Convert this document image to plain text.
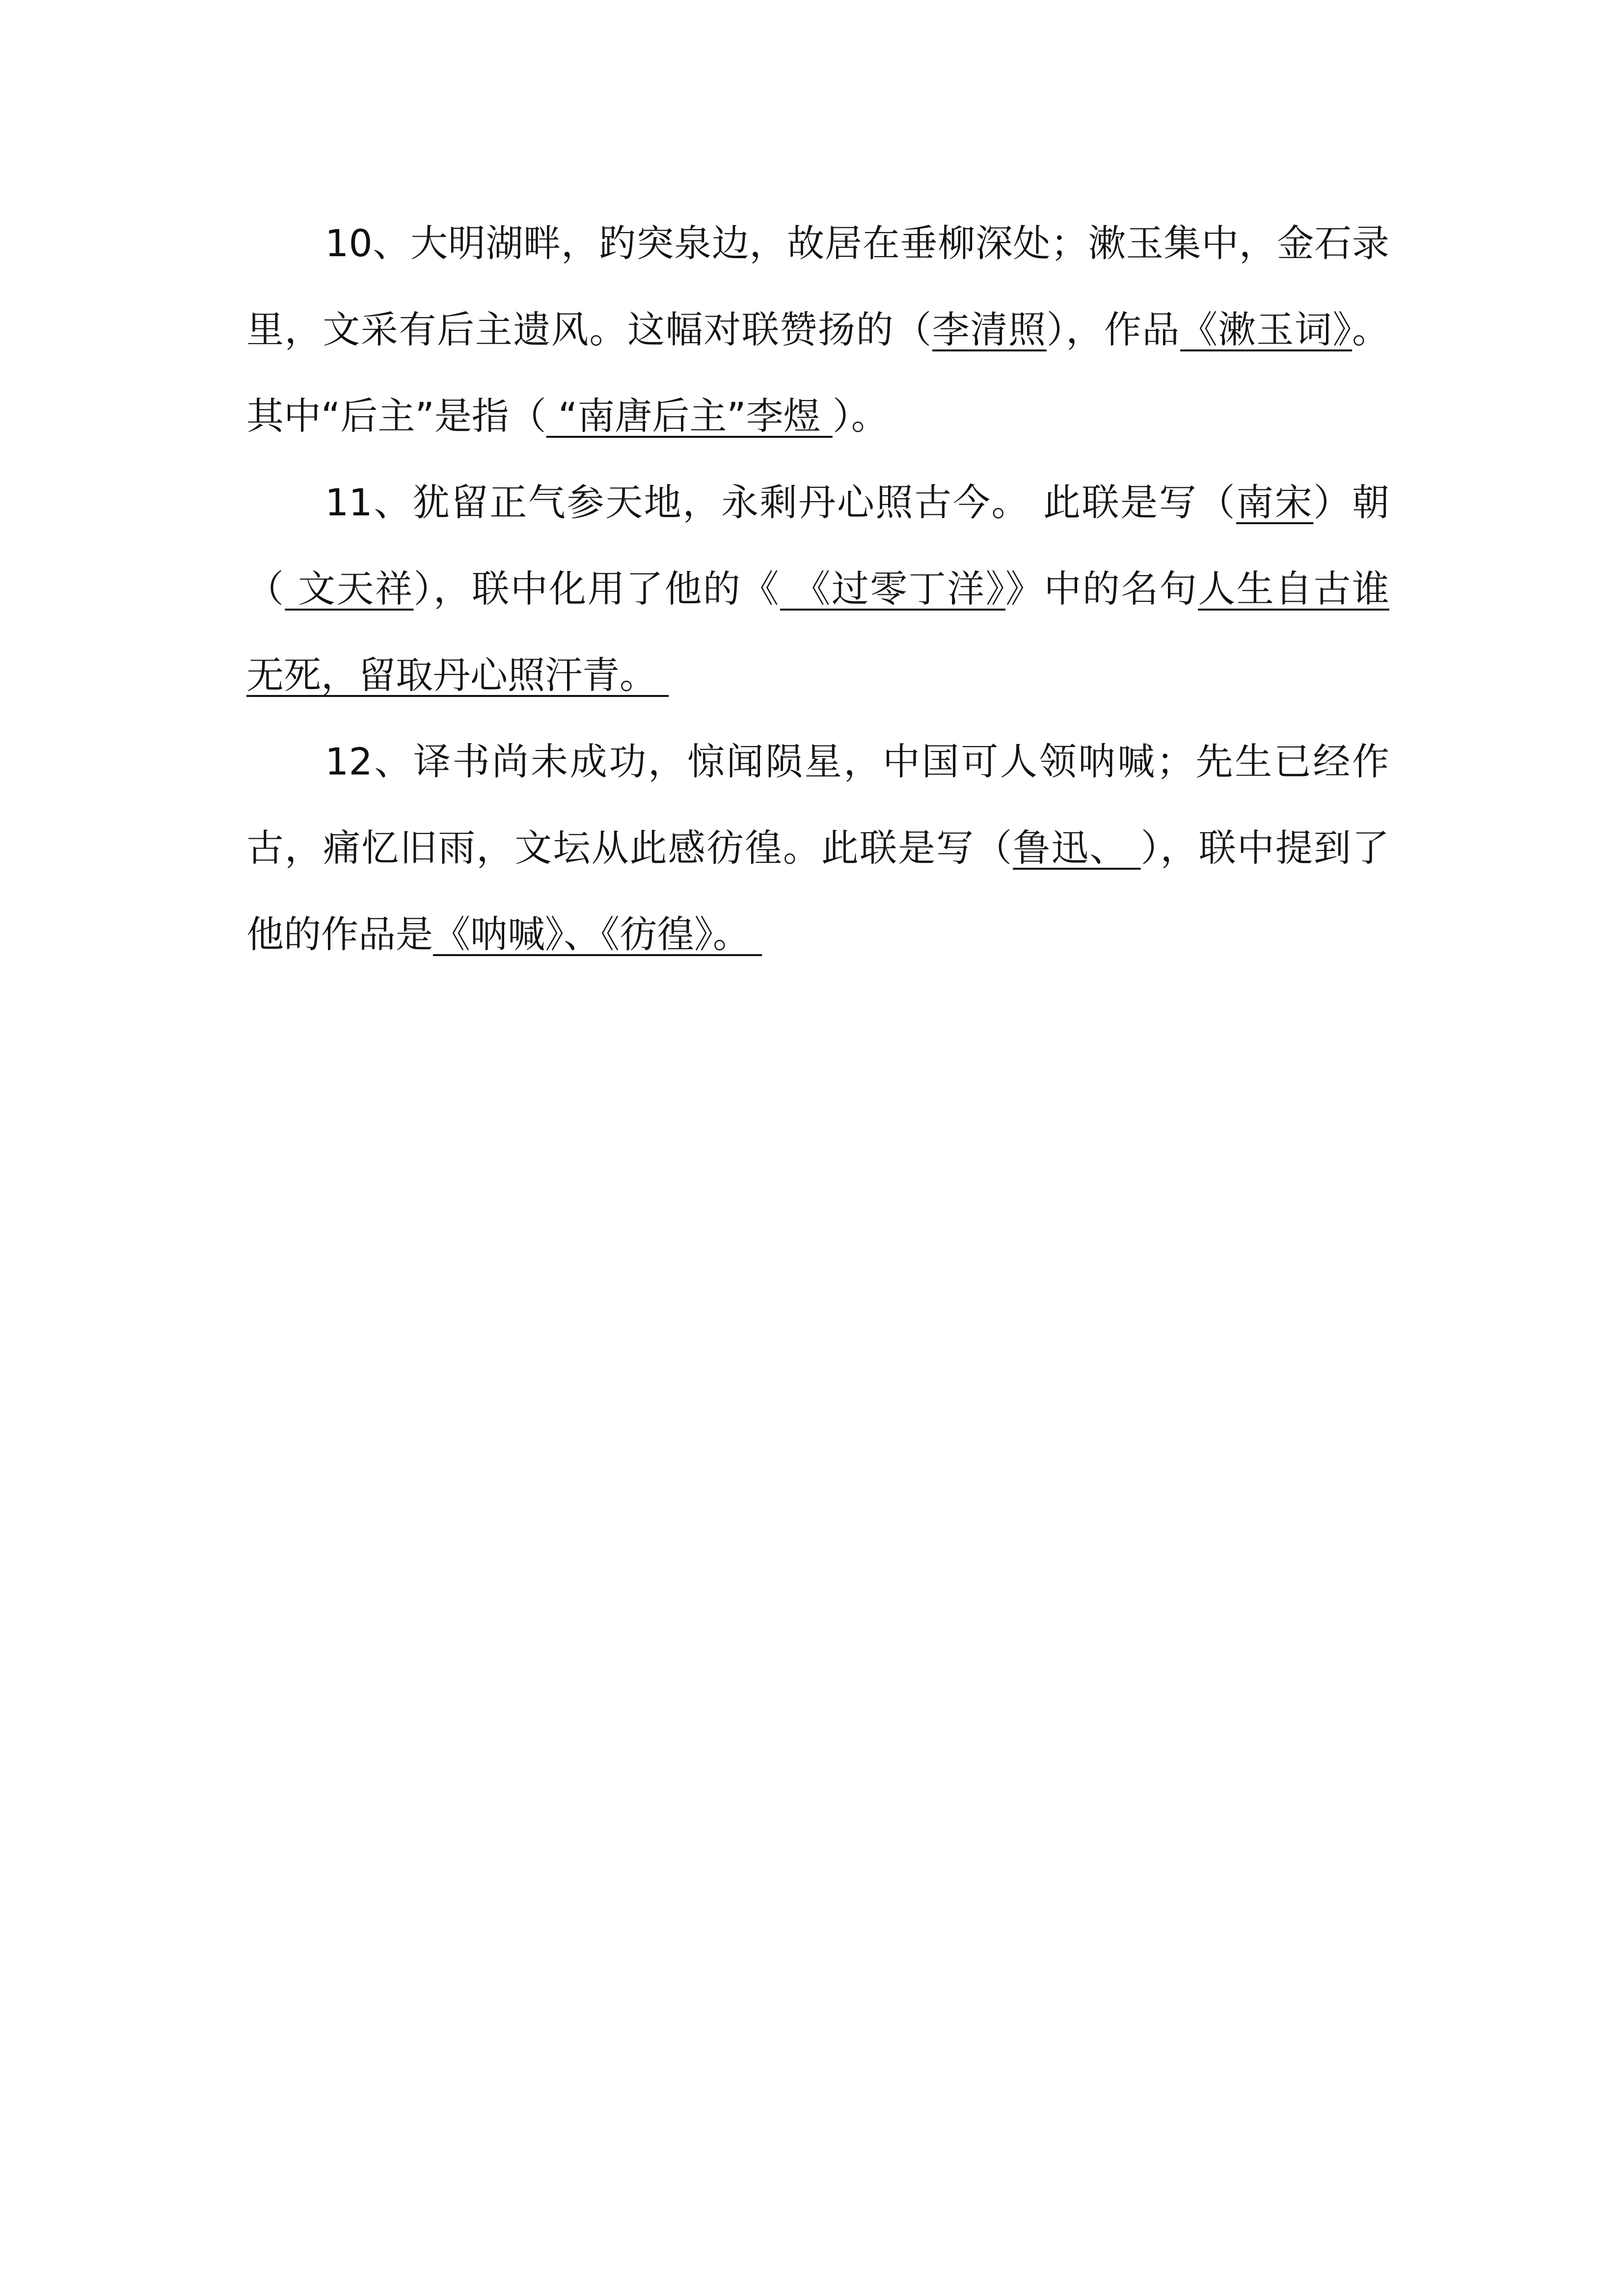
10、大明湖畔，趵突泉边，故居在垂柳深处；漱玉集中，金石录里，文采有后主遗风。这幅对联赞扬的（李清照），作品《漱玉词》。其中“后主”是指（ “南唐后主”李煜 ）。

11、犹留正气参天地，永剩丹心照古今。 此联是写（南宋）朝（ 文天祥），联中化用了他的《 《过零丁洋》》中的名句人生自古谁无死，留取丹心照汗青。

12、译书尚未成功，惊闻陨星，中国可人领呐喊；先生已经作古，痛忆旧雨，文坛从此感彷徨。此联是写（鲁迅、 ），联中提到了他的作品是《呐喊》、《彷徨》。
